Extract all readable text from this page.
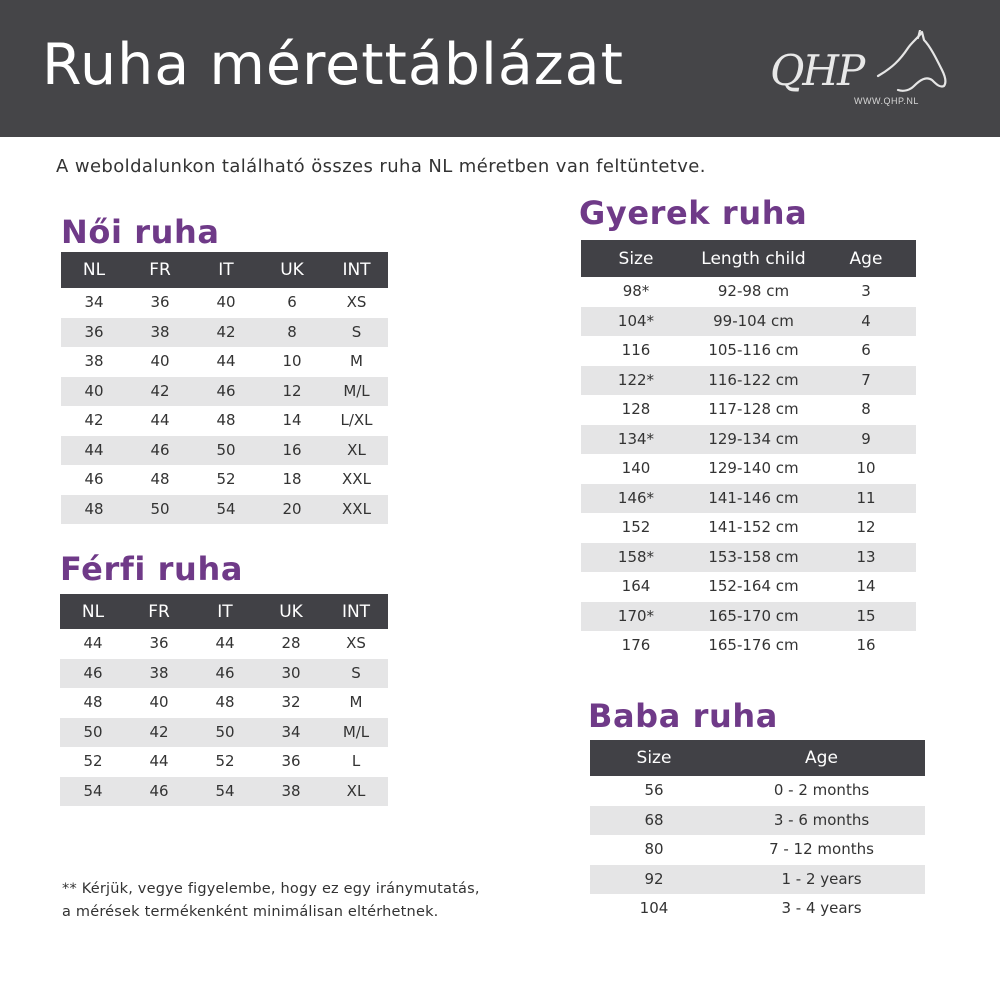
Ruha mérettáblázat	QHP
WWW.QHP.NL
A weboldalunkon található összes ruha NL méretben van feltüntetve.
Női ruha
NL	FR	IT	UK	INT
34	36	40	6	XS
36	38	42	8	S
38	40	44	10	M
40	42	46	12	M/L
42	44	48	14	L/XL
44	46	50	16	XL
46	48	52	18	XXL
48	50	54	20	XXL
Férfi ruha
NL	FR	IT	UK	INT
44	36	44	28	XS
46	38	46	30	S
48	40	48	32	M
50	42	50	34	M/L
52	44	52	36	L
54	46	54	38	XL
Gyerek ruha
Size	Length child	Age
98*	92-98 cm	3
104*	99-104 cm	4
116	105-116 cm	6
122*	116-122 cm	7
128	117-128 cm	8
134*	129-134 cm	9
140	129-140 cm	10
146*	141-146 cm	11
152	141-152 cm	12
158*	153-158 cm	13
164	152-164 cm	14
170*	165-170 cm	15
176	165-176 cm	16
Baba ruha
Size	Age
56	0 - 2 months
68	3 - 6 months
80	7 - 12 months
92	1 - 2 years
104	3 - 4 years
** Kérjük, vegye figyelembe, hogy ez egy iránymutatás,
a mérések termékenként minimálisan eltérhetnek.
